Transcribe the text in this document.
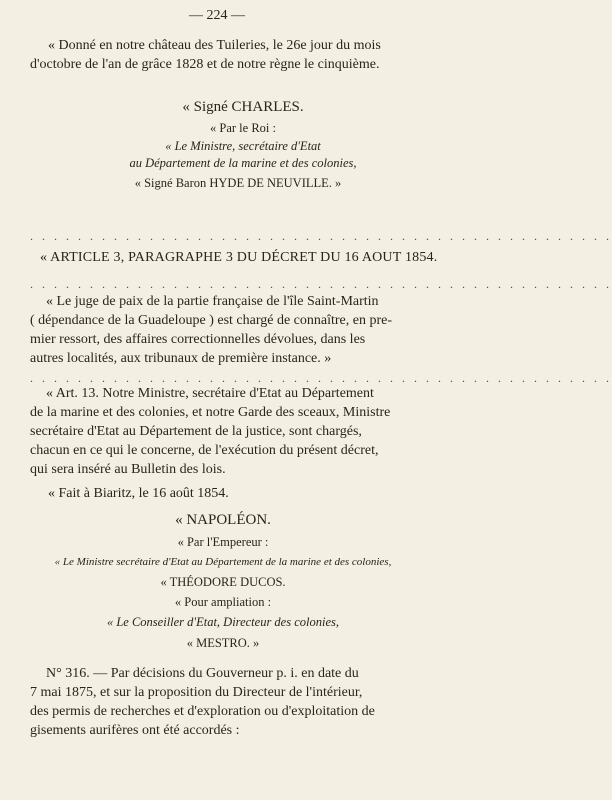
— 224 —
« Donné en notre château des Tuileries, le 26e jour du mois
d'octobre de l'an de grâce 1828 et de notre règne le cinquième.
« Signé CHARLES.
« Par le Roi :
« Le Ministre, secrétaire d'Etat
au Département de la marine et des colonies,
« Signé Baron HYDE DE NEUVILLE. »
. . . . . . . . . . . . . . . . . . . . . . . . . . . . . . . . . . . . . . . . . . . . . . . . .
« ARTICLE 3, PARAGRAPHE 3 DU DÉCRET DU 16 AOUT 1854.
. . . . . . . . . . . . . . . . . . . . . . . . . . . . . . . . . . . . . . . . . . . . . . . . .
« Le juge de paix de la partie française de l'île Saint-Martin
( dépendance de la Guadeloupe ) est chargé de connaître, en pre-
mier ressort, des affaires correctionnelles dévolues, dans les
autres localités, aux tribunaux de première instance. »
. . . . . . . . . . . . . . . . . . . . . . . . . . . . . . . . . . . . . . . . . . . . . . . . .
« Art. 13. Notre Ministre, secrétaire d'Etat au Département
de la marine et des colonies, et notre Garde des sceaux, Ministre
secrétaire d'Etat au Département de la justice, sont chargés,
chacun en ce qui le concerne, de l'exécution du présent décret,
qui sera inséré au Bulletin des lois.
« Fait à Biaritz, le 16 août 1854.
« NAPOLÉON.
« Par l'Empereur :
« Le Ministre secrétaire d'Etat au Département de la marine et des colonies,
« THÉODORE DUCOS.
« Pour ampliation :
« Le Conseiller d'Etat, Directeur des colonies,
« MESTRO. »
N° 316. — Par décisions du Gouverneur p. i. en date du
7 mai 1875, et sur la proposition du Directeur de l'intérieur,
des permis de recherches et d'exploration ou d'exploitation de
gisements aurifères ont été accordés :
